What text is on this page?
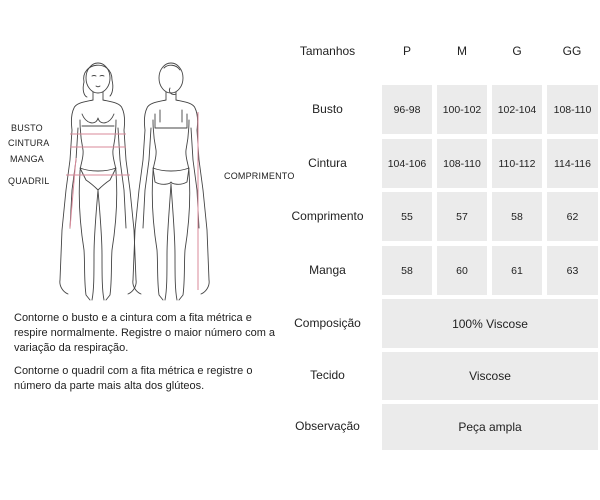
BUSTO
CINTURA
MANGA
QUADRIL	COMPRIMENTO
Contorne o busto e a cintura com a fita métrica e respire normalmente. Registre o maior número com a variação da respiração.
Contorne o quadril com a fita métrica e registre o número da parte mais alta dos glúteos.
Tamanhos	P	M	G	GG
Busto	96-98	100-102	102-104	108-110
Cintura	104-106	108-110	110-112	114-116
Comprimento	55	57	58	62
Manga	58	60	61	63
Composição	100% Viscose
Tecido	Viscose
Observação	Peça ampla
